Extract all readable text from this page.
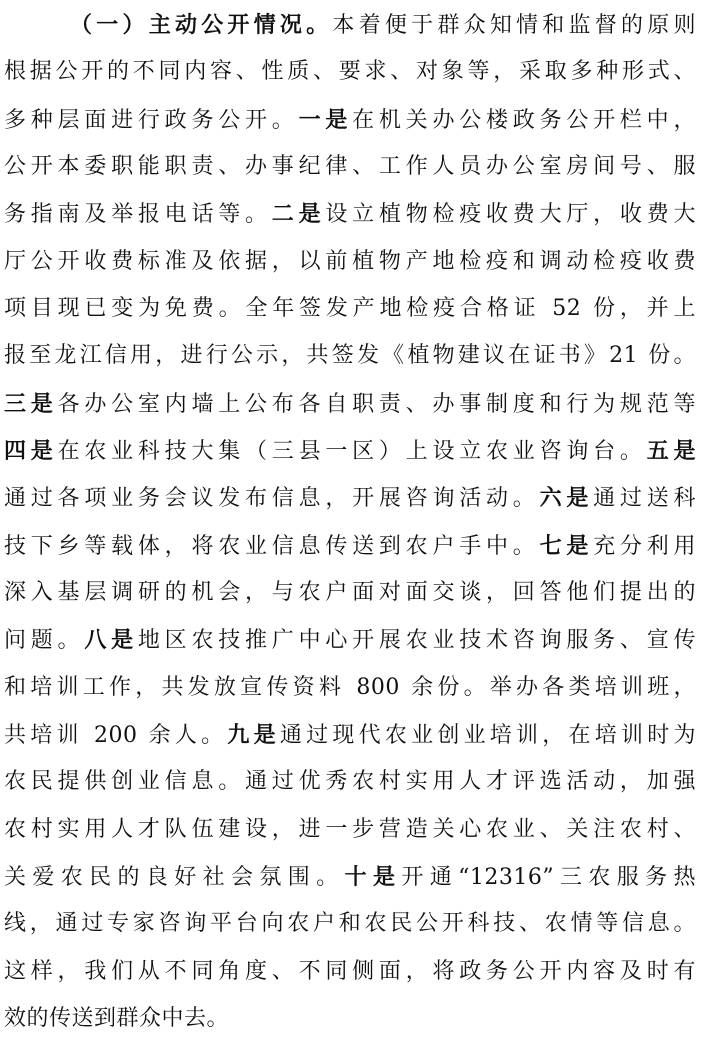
（一）主动公开情况。本着便于群众知情和监督的原则
根据公开的不同内容、性质、要求、对象等，采取多种形式、
多种层面进行政务公开。一是在机关办公楼政务公开栏中，
公开本委职能职责、办事纪律、工作人员办公室房间号、服
务指南及举报电话等。二是设立植物检疫收费大厅，收费大
厅公开收费标准及依据，以前植物产地检疫和调动检疫收费
项目现已变为免费。全年签发产地检疫合格证 52 份，并上
报至龙江信用，进行公示，共签发《植物建议在证书》21 份。
三是各办公室内墙上公布各自职责、办事制度和行为规范等
四是在农业科技大集（三县一区）上设立农业咨询台。五是
通过各项业务会议发布信息，开展咨询活动。六是通过送科
技下乡等载体，将农业信息传送到农户手中。七是充分利用
深入基层调研的机会，与农户面对面交谈，回答他们提出的
问题。八是地区农技推广中心开展农业技术咨询服务、宣传
和培训工作，共发放宣传资料 800 余份。举办各类培训班，
共培训 200 余人。九是通过现代农业创业培训，在培训时为
农民提供创业信息。通过优秀农村实用人才评选活动，加强
农村实用人才队伍建设，进一步营造关心农业、关注农村、
关爱农民的良好社会氛围。十是开通“12316”三农服务热
线，通过专家咨询平台向农户和农民公开科技、农情等信息。
这样，我们从不同角度、不同侧面，将政务公开内容及时有
效的传送到群众中去。
